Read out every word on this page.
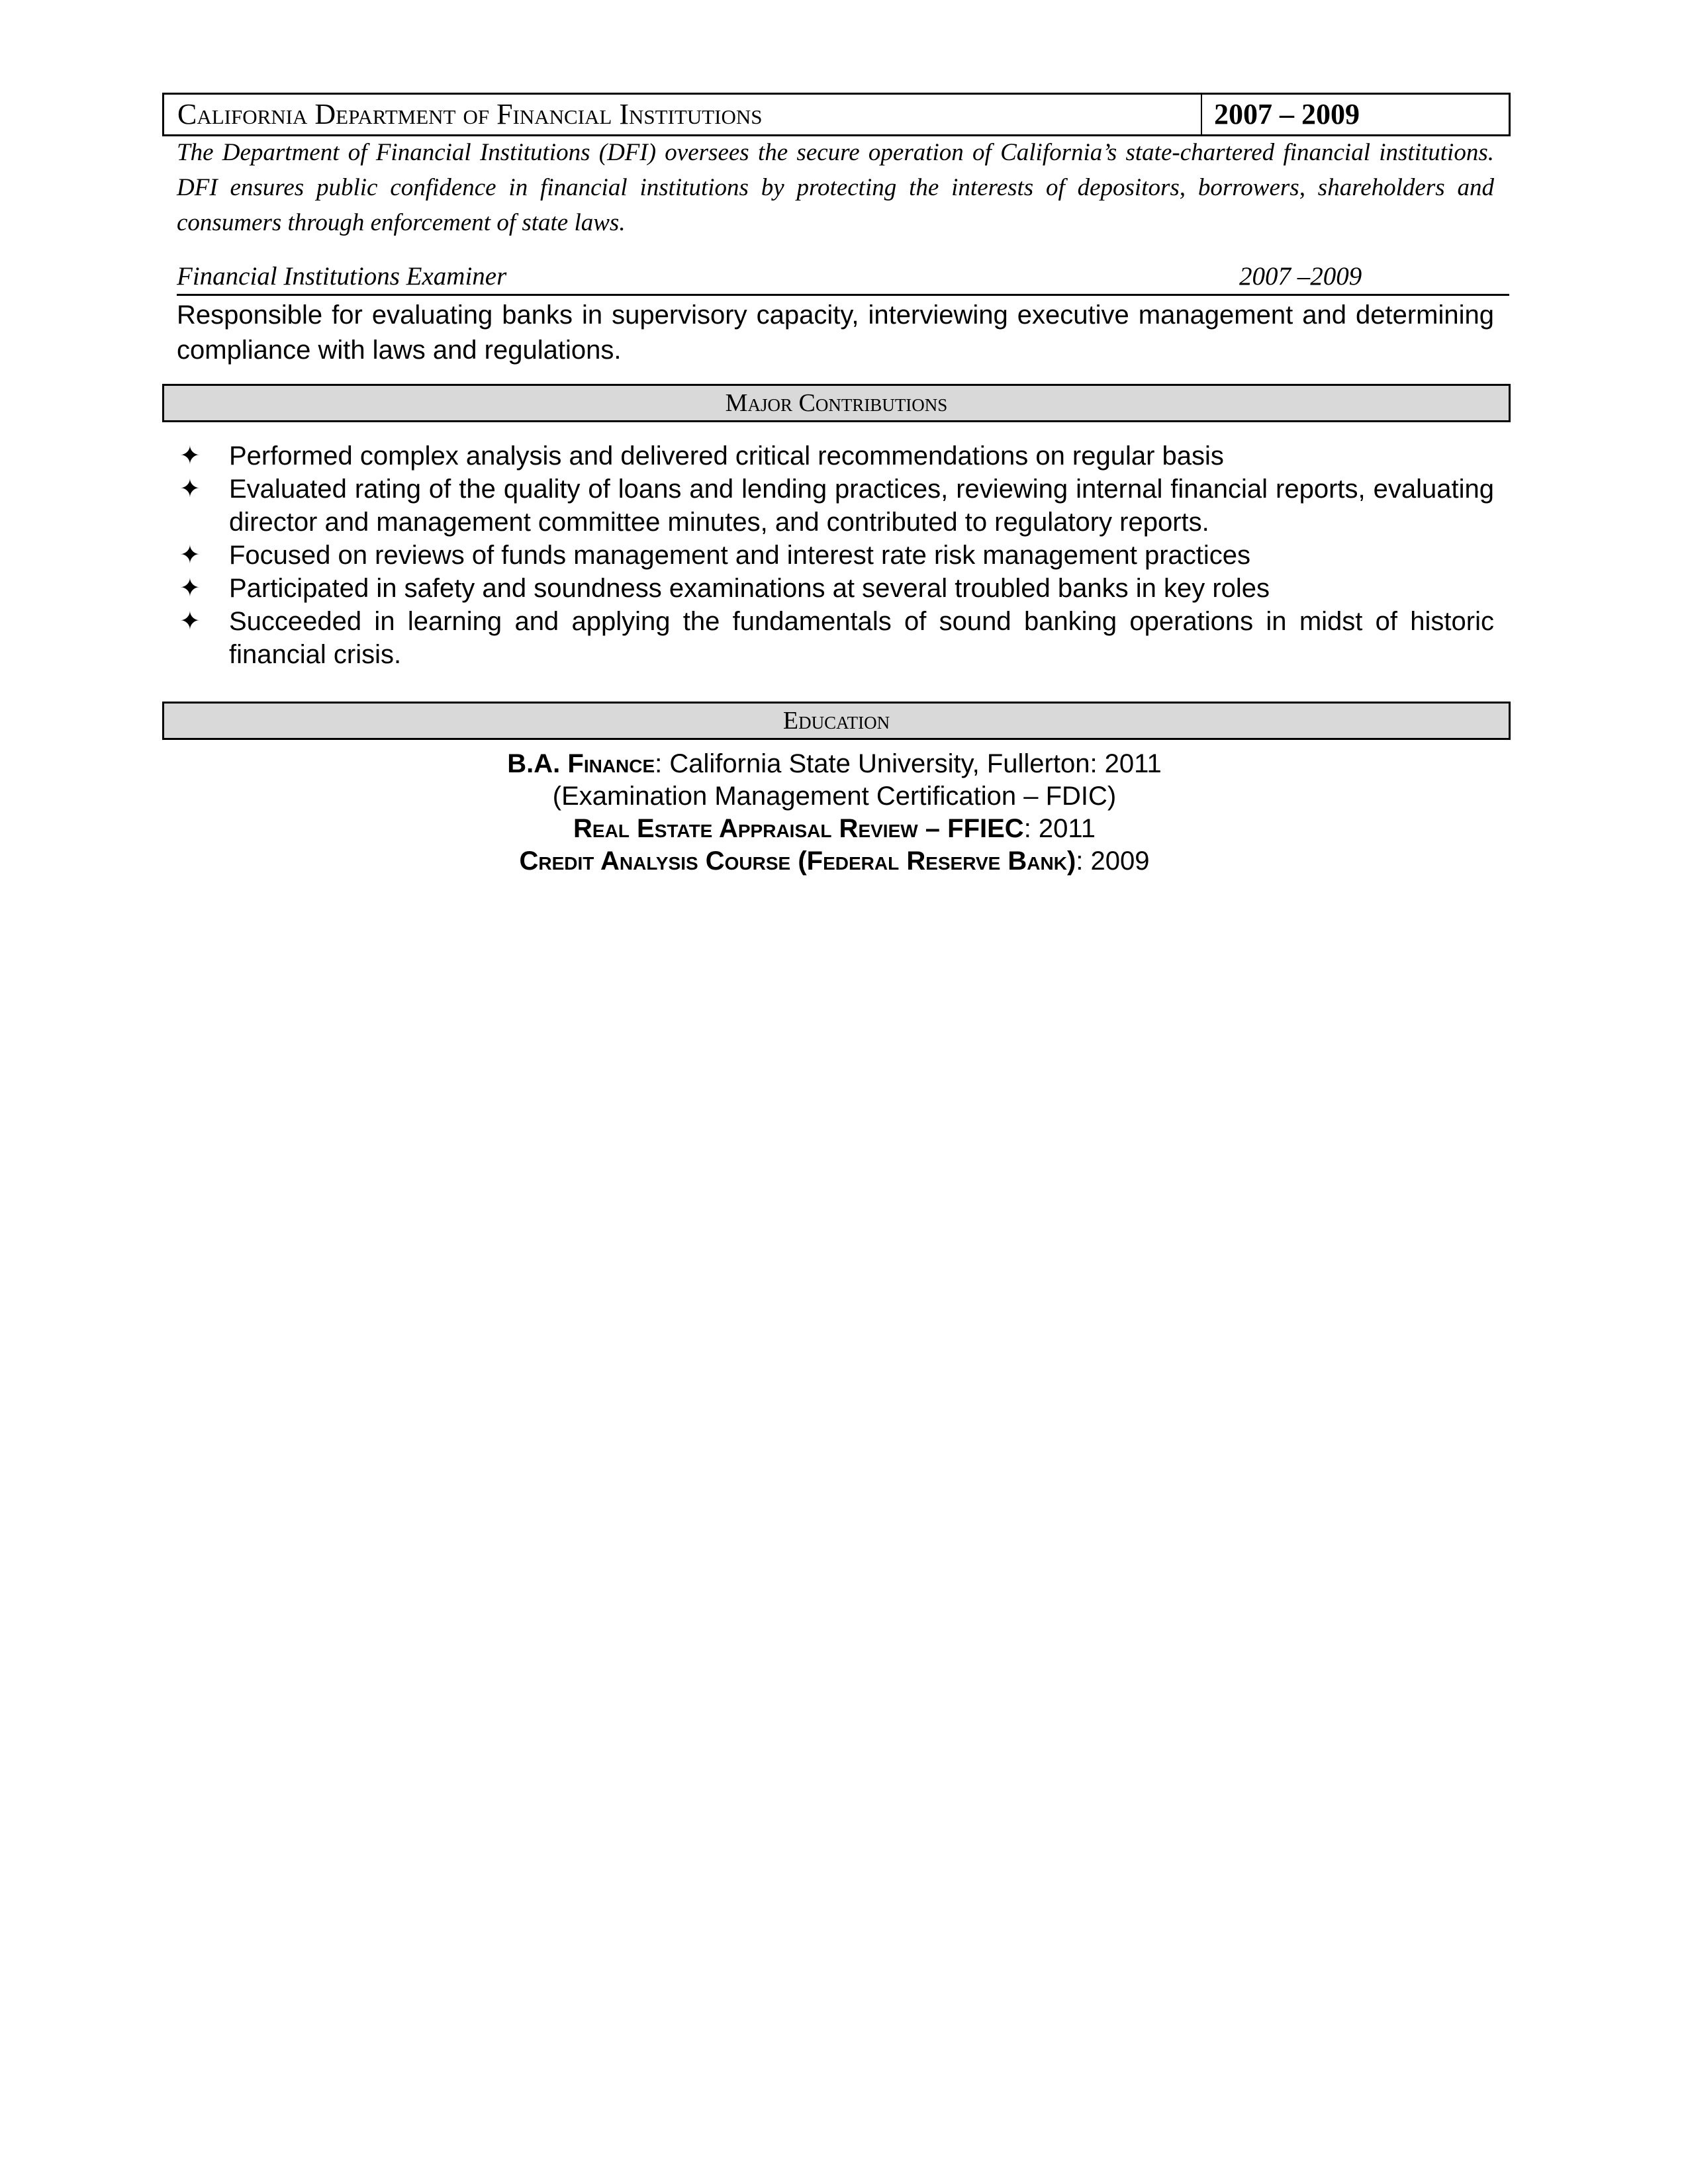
California Department of Financial Institutions	2007 – 2009
The Department of Financial Institutions (DFI) oversees the secure operation of California’s state-chartered financial institutions. DFI ensures public confidence in financial institutions by protecting the interests of depositors, borrowers, shareholders and consumers through enforcement of state laws.
Financial Institutions Examiner	2007 –2009
Responsible for evaluating banks in supervisory capacity, interviewing executive management and determining compliance with laws and regulations.
Major Contributions
✦ Performed complex analysis and delivered critical recommendations on regular basis
✦ Evaluated rating of the quality of loans and lending practices, reviewing internal financial reports, evaluating director and management committee minutes, and contributed to regulatory reports.
✦ Focused on reviews of funds management and interest rate risk management practices
✦ Participated in safety and soundness examinations at several troubled banks in key roles
✦ Succeeded in learning and applying the fundamentals of sound banking operations in midst of historic financial crisis.
Education
B.A. Finance: California State University, Fullerton: 2011
(Examination Management Certification – FDIC)
Real Estate Appraisal Review – FFIEC: 2011
Credit Analysis Course (Federal Reserve Bank): 2009
